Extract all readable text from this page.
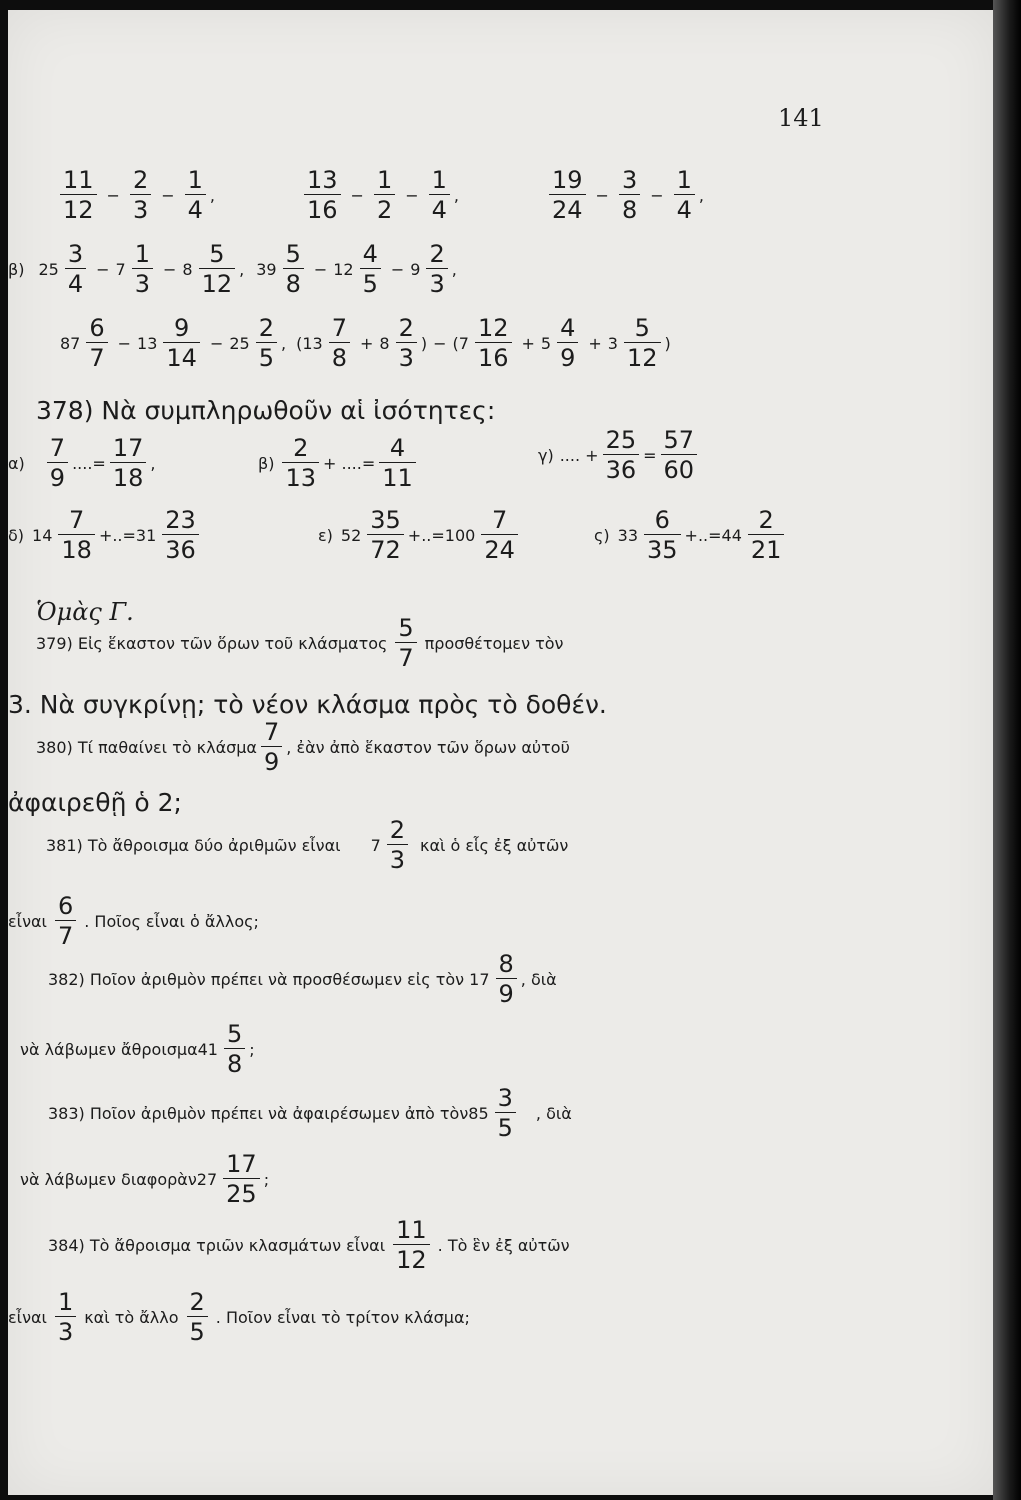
141
$\frac{11}{12} - \frac{2}{3} - \frac{1}{4}$ ,	$\frac{13}{16} - \frac{1}{2} - \frac{1}{4}$ ,	$\frac{19}{24} - \frac{3}{8} - \frac{1}{4}$ ,
β) $25 \frac{3}{4} - 7 \frac{1}{3} - 8 \frac{5}{12}$ , $39 \frac{5}{8} - 12 \frac{4}{5} - 9 \frac{2}{3}$ ,
$87 \frac{6}{7} - 13 \frac{9}{14} - 25 \frac{2}{5}$ , ( $13 \frac{7}{8} + 8 \frac{2}{3}$ ) − ( $7 \frac{12}{16} + 5 \frac{4}{9} + 3 \frac{5}{12}$ )
378) Νὰ συμπληρωθοῦν αἱ ἰσότητες:
$\alpha) \frac{7}{9}$ ....= $\frac{17}{18}$ ,	$\beta) \frac{2}{13}$ + ....= $\frac{4}{11}$	γ) .... + $\frac{25}{36} = \frac{57}{60}$
δ) $14 \frac{7}{18}$ +..= $31 \frac{23}{36}$	ε) $52 \frac{35}{72}$ +..= $100 \frac{7}{24}$	ς) $33 \frac{6}{35}$ +..= $44 \frac{2}{21}$
Ὁμὰς Γ.
379) Εἰς ἕκαστον τῶν ὅρων τοῦ κλάσματος $\frac{5}{7}$ προσθέτομεν τὸν
3. Νὰ συγκρίνῃ; τὸ νέον κλάσμα πρὸς τὸ δοθέν.
380) Τί παθαίνει τὸ κλάσμα $\frac{7}{9}$ , ἐὰν ἀπὸ ἕκαστον τῶν ὅρων αὐτοῦ
ἀφαιρεθῇ ὁ 2;
381) Τὸ ἄθροισμα δύο ἀριθμῶν εἶναι $7 \frac{2}{3}$ καὶ ὁ εἷς ἐξ αὐτῶν
εἶναι $\frac{6}{7}$ . Ποῖος εἶναι ὁ ἄλλος;
382) Ποῖον ἀριθμὸν πρέπει νὰ προσθέσωμεν εἰς τὸν $17 \frac{8}{9}$ , διὰ
νὰ λάβωμεν ἄθροισμα $41 \frac{5}{8}$ ;
383) Ποῖον ἀριθμὸν πρέπει νὰ ἀφαιρέσωμεν ἀπὸ τὸν $85 \frac{3}{5}$ , διὰ
νὰ λάβωμεν διαφορὰν $27 \frac{17}{25}$ ;
384) Τὸ ἄθροισμα τριῶν κλασμάτων εἶναι $\frac{11}{12}$ . Τὸ ἓν ἐξ αὐτῶν
εἶναι $\frac{1}{3}$ καὶ τὸ ἄλλο $\frac{2}{5}$ . Ποῖον εἶναι τὸ τρίτον κλάσμα;
